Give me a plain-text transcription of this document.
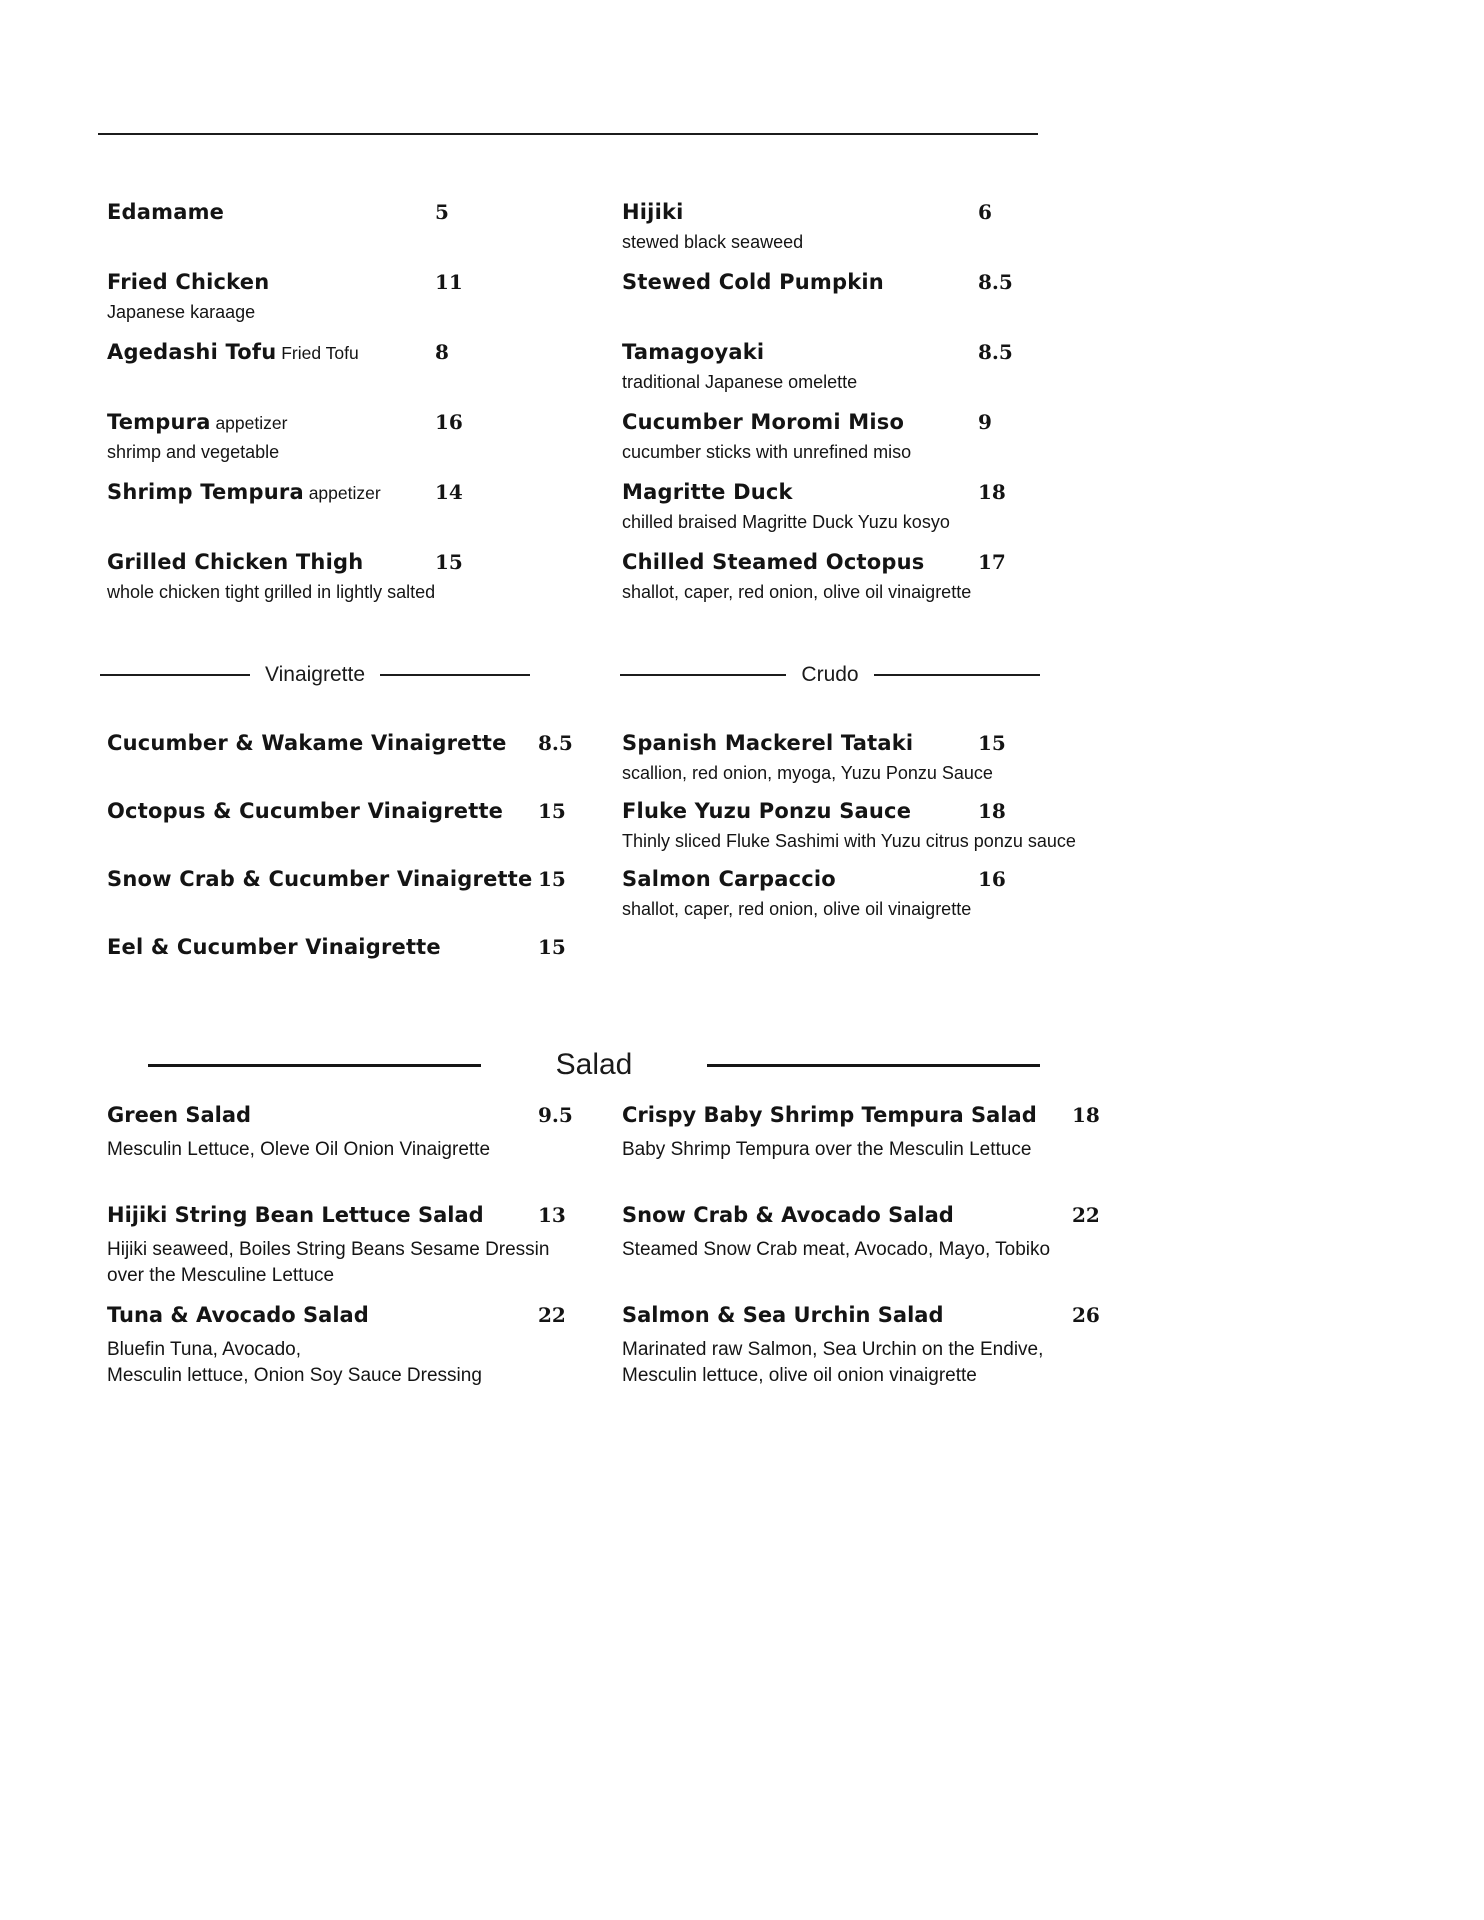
Edamame	5
Fried Chicken	11
Japanese karaage
Agedashi Tofu Fried Tofu	8
Tempura appetizer	16
shrimp and vegetable
Shrimp Tempura appetizer	14
Grilled Chicken Thigh	15
whole chicken tight grilled in lightly salted
Hijiki	6
stewed black seaweed
Stewed Cold Pumpkin	8.5
Tamagoyaki	8.5
traditional Japanese omelette
Cucumber Moromi Miso	9
cucumber sticks with unrefined miso
Magritte Duck	18
chilled braised Magritte Duck Yuzu kosyo
Chilled Steamed Octopus	17
shallot, caper, red onion, olive oil vinaigrette
Vinaigrette	Crudo
Cucumber & Wakame Vinaigrette 8.5
Octopus & Cucumber Vinaigrette 15
Snow Crab & Cucumber Vinaigrette 15
Eel & Cucumber Vinaigrette	15
Spanish Mackerel Tataki	15
scallion, red onion, myoga, Yuzu Ponzu Sauce
Fluke Yuzu Ponzu Sauce	18
Thinly sliced Fluke Sashimi with Yuzu citrus ponzu sauce
Salmon Carpaccio	16
shallot, caper, red onion, olive oil vinaigrette
Salad
Green Salad	9.5
Mesculin Lettuce, Oleve Oil Onion Vinaigrette
Hijiki String Bean Lettuce Salad	13
Hijiki seaweed, Boiles String Beans Sesame Dressin
over the Mesculine Lettuce
Tuna & Avocado Salad	22
Bluefin Tuna, Avocado,
Mesculin lettuce, Onion Soy Sauce Dressing
Crispy Baby Shrimp Tempura Salad 18
Baby Shrimp Tempura over the Mesculin Lettuce
Snow Crab & Avocado Salad	22
Steamed Snow Crab meat, Avocado, Mayo, Tobiko
Salmon & Sea Urchin Salad	26
Marinated raw Salmon, Sea Urchin on the Endive,
Mesculin lettuce, olive oil onion vinaigrette
